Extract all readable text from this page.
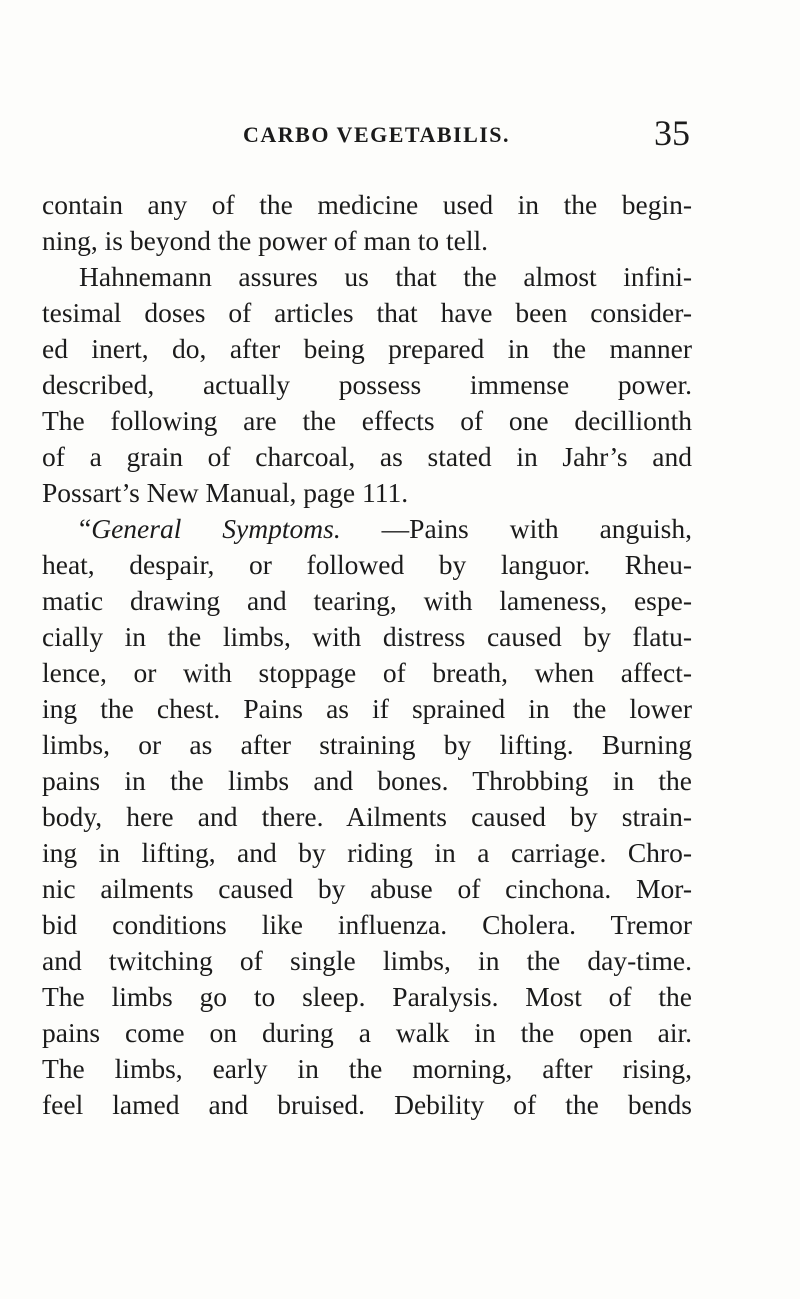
CARBO VEGETABILIS.	35
contain any of the medicine used in the begin-
ning, is beyond the power of man to tell.
Hahnemann assures us that the almost infini-
tesimal doses of articles that have been consider-
ed inert, do, after being prepared in the manner
described, actually possess immense power.
The following are the effects of one decillionth
of a grain of charcoal, as stated in Jahr’s and
Possart’s New Manual, page 111.
“General Symptoms. —Pains with anguish,
heat, despair, or followed by languor. Rheu-
matic drawing and tearing, with lameness, espe-
cially in the limbs, with distress caused by flatu-
lence, or with stoppage of breath, when affect-
ing the chest. Pains as if sprained in the lower
limbs, or as after straining by lifting. Burning
pains in the limbs and bones. Throbbing in the
body, here and there. Ailments caused by strain-
ing in lifting, and by riding in a carriage. Chro-
nic ailments caused by abuse of cinchona. Mor-
bid conditions like influenza. Cholera. Tremor
and twitching of single limbs, in the day-time.
The limbs go to sleep. Paralysis. Most of the
pains come on during a walk in the open air.
The limbs, early in the morning, after rising,
feel lamed and bruised. Debility of the bends
